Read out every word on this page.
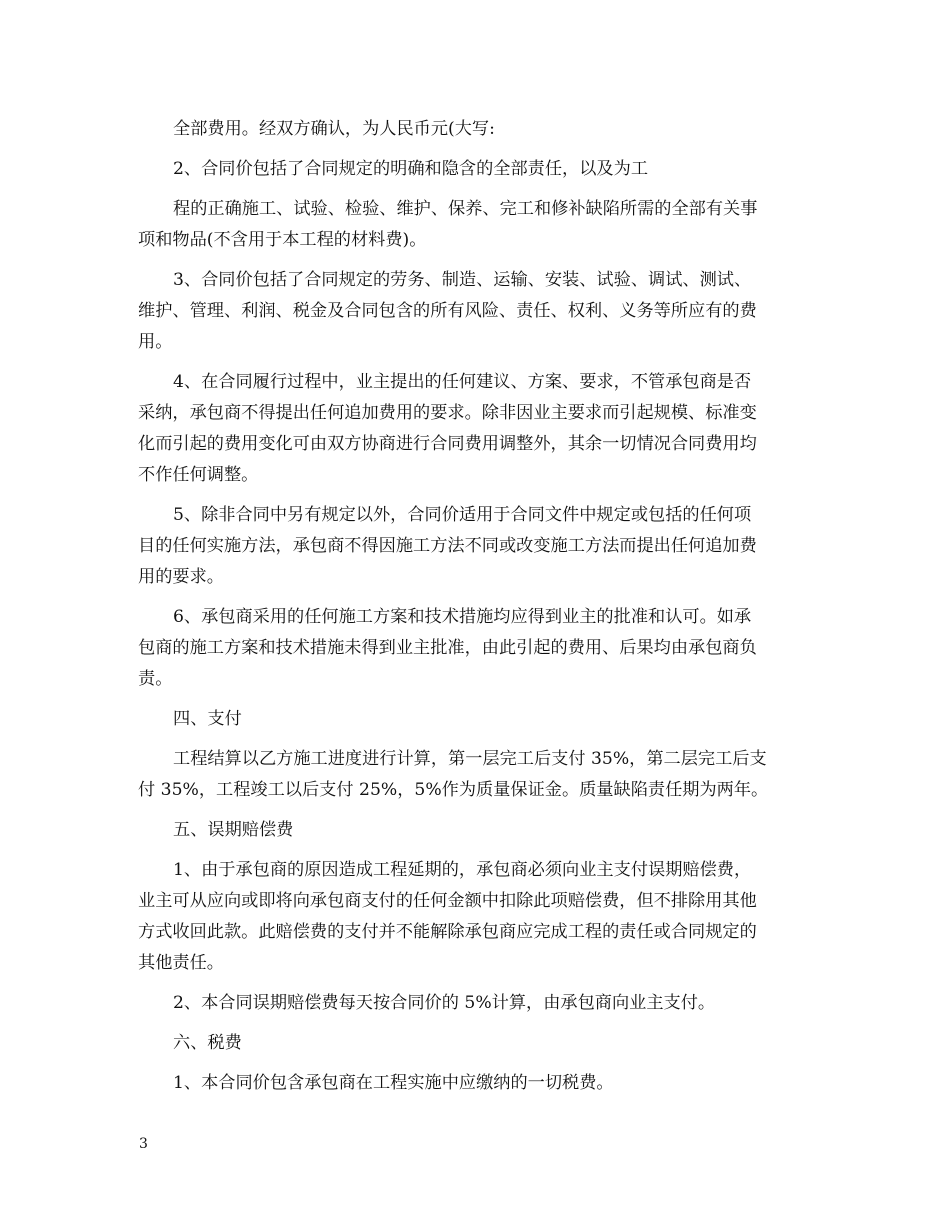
全部费用。经双方确认，为人民币元(大写:
2、合同价包括了合同规定的明确和隐含的全部责任，以及为工
程的正确施工、试验、检验、维护、保养、完工和修补缺陷所需的全部有关事
项和物品(不含用于本工程的材料费)。
3、合同价包括了合同规定的劳务、制造、运输、安装、试验、调试、测试、
维护、管理、利润、税金及合同包含的所有风险、责任、权利、义务等所应有的费
用。
4、在合同履行过程中，业主提出的任何建议、方案、要求，不管承包商是否
采纳，承包商不得提出任何追加费用的要求。除非因业主要求而引起规模、标准变
化而引起的费用变化可由双方协商进行合同费用调整外，其余一切情况合同费用均
不作任何调整。
5、除非合同中另有规定以外，合同价适用于合同文件中规定或包括的任何项
目的任何实施方法，承包商不得因施工方法不同或改变施工方法而提出任何追加费
用的要求。
6、承包商采用的任何施工方案和技术措施均应得到业主的批准和认可。如承
包商的施工方案和技术措施未得到业主批准，由此引起的费用、后果均由承包商负
责。
四、支付
工程结算以乙方施工进度进行计算，第一层完工后支付 35%，第二层完工后支
付 35%，工程竣工以后支付 25%，5%作为质量保证金。质量缺陷责任期为两年。
五、误期赔偿费
1、由于承包商的原因造成工程延期的，承包商必须向业主支付误期赔偿费，
业主可从应向或即将向承包商支付的任何金额中扣除此项赔偿费，但不排除用其他
方式收回此款。此赔偿费的支付并不能解除承包商应完成工程的责任或合同规定的
其他责任。
2、本合同误期赔偿费每天按合同价的 5%计算，由承包商向业主支付。
六、税费
1、本合同价包含承包商在工程实施中应缴纳的一切税费。
3
